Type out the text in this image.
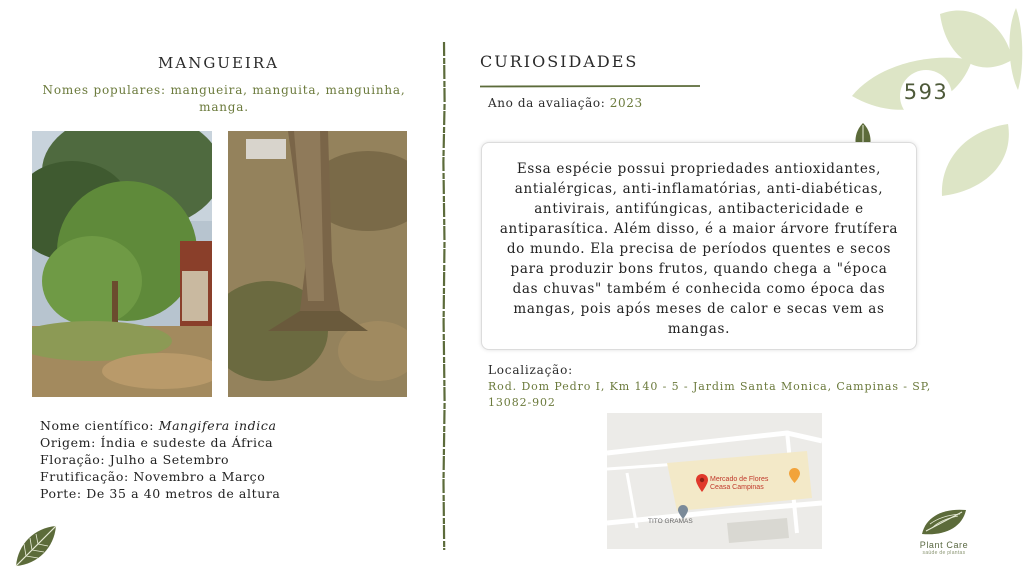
MANGUEIRA
Nomes populares: mangueira, manguita, manguinha, manga.
Nome científico: Mangifera indica
Origem: Índia e sudeste da África
Floração: Julho a Setembro
Frutificação: Novembro a Março
Porte: De 35 a 40 metros de altura
CURIOSIDADES
Ano da avaliação: 2023
Essa espécie possui propriedades antioxidantes, antialérgicas, anti-inflamatórias, anti-diabéticas, antivirais, antifúngicas, antibactericidade e antiparasítica. Além disso, é a maior árvore frutífera do mundo. Ela precisa de períodos quentes e secos para produzir bons frutos, quando chega a "época das chuvas" também é conhecida como época das mangas, pois após meses de calor e secas vem as mangas.
Localização:
Rod. Dom Pedro I, Km 140 - 5 - Jardim Santa Monica, Campinas - SP, 13082-902
Mercado de Flores
Ceasa Campinas
TITO GRAMAS
593
Plant Care
saúde de plantas
